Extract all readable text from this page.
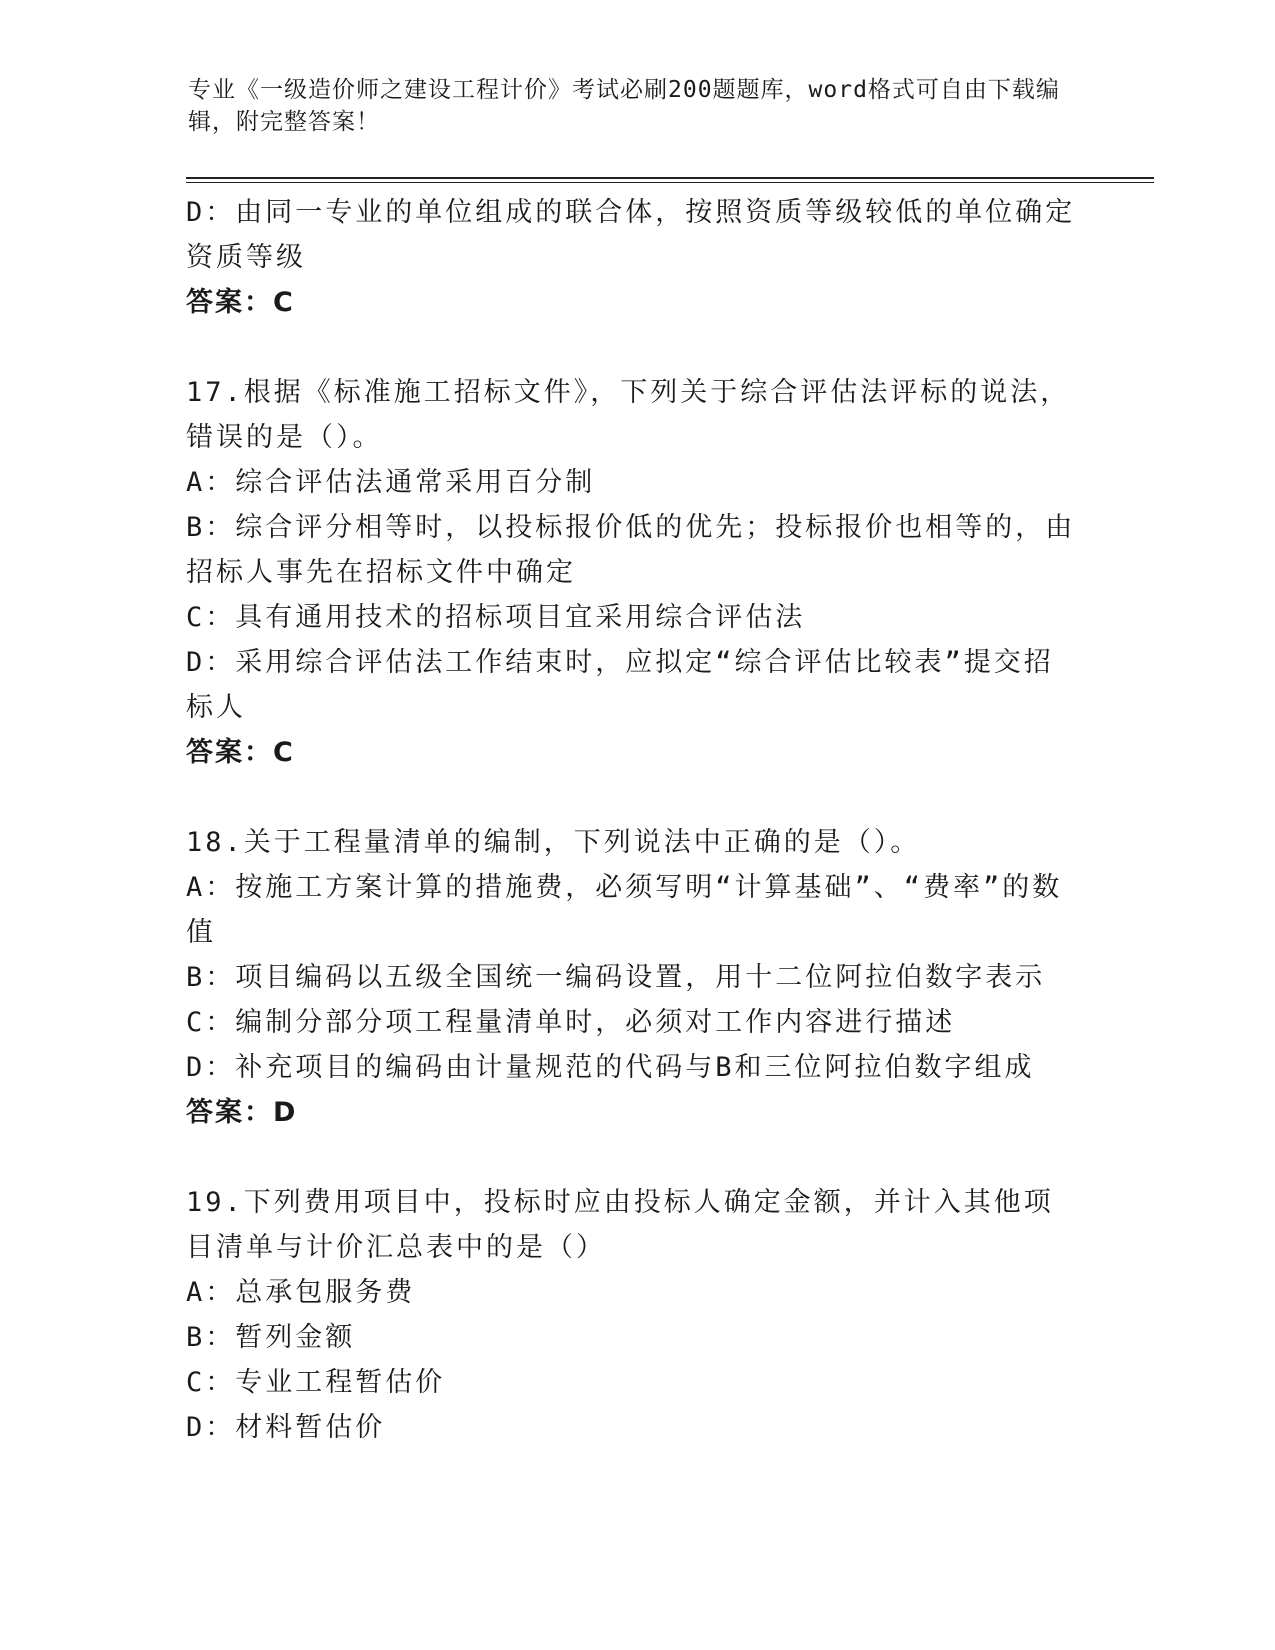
专业《一级造价师之建设工程计价》考试必刷200题题库，word格式可自由下载编辑，附完整答案！
D：由同一专业的单位组成的联合体，按照资质等级较低的单位确定资质等级
答案：C
17.根据《标准施工招标文件》，下列关于综合评估法评标的说法，错误的是（）。
A：综合评估法通常采用百分制
B：综合评分相等时，以投标报价低的优先；投标报价也相等的，由招标人事先在招标文件中确定
C：具有通用技术的招标项目宜采用综合评估法
D：采用综合评估法工作结束时，应拟定“综合评估比较表”提交招标人
答案：C
18.关于工程量清单的编制，下列说法中正确的是（）。
A：按施工方案计算的措施费，必须写明“计算基础”、“费率”的数值
B：项目编码以五级全国统一编码设置，用十二位阿拉伯数字表示
C：编制分部分项工程量清单时，必须对工作内容进行描述
D：补充项目的编码由计量规范的代码与B和三位阿拉伯数字组成
答案：D
19.下列费用项目中，投标时应由投标人确定金额，并计入其他项目清单与计价汇总表中的是（）
A：总承包服务费
B：暂列金额
C：专业工程暂估价
D：材料暂估价
